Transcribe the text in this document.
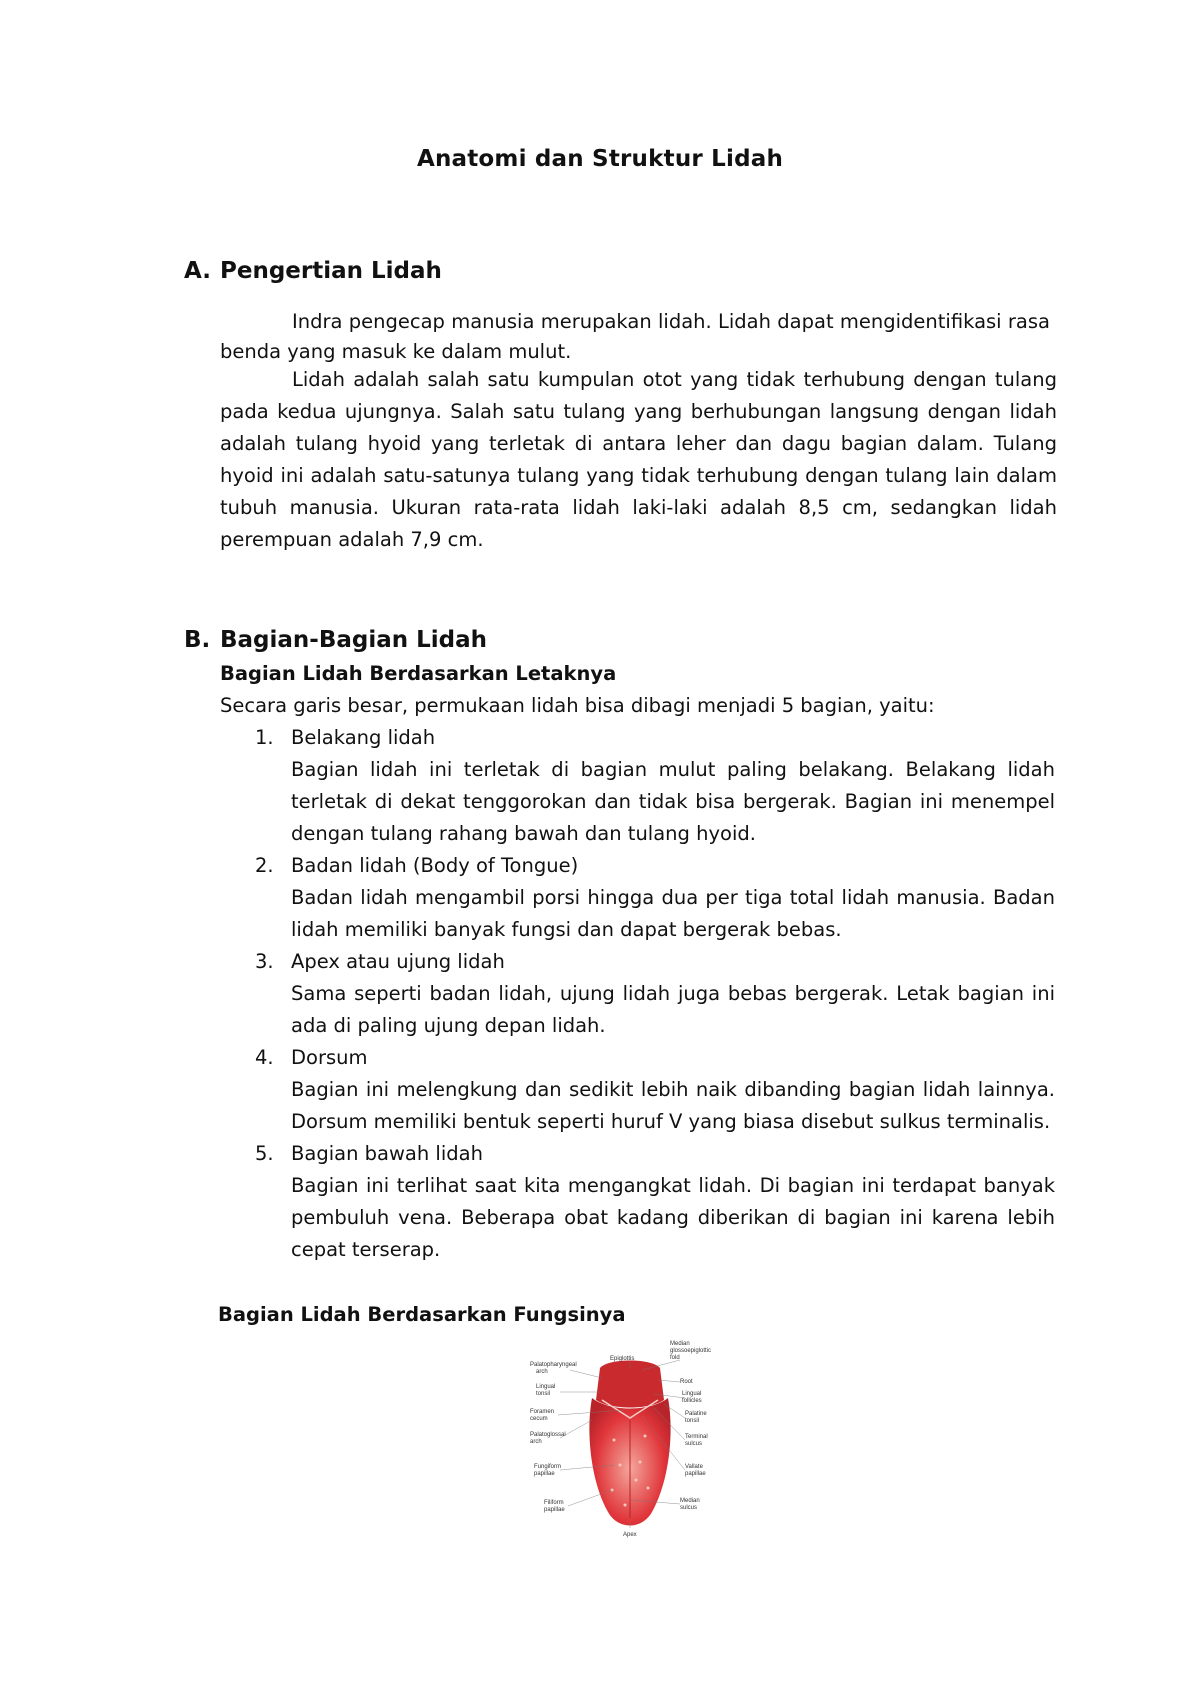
Anatomi dan Struktur Lidah
A. Pengertian Lidah

Indra pengecap manusia merupakan lidah. Lidah dapat mengidentifikasi rasa benda yang masuk ke dalam mulut.

Lidah adalah salah satu kumpulan otot yang tidak terhubung dengan tulang pada kedua ujungnya. Salah satu tulang yang berhubungan langsung dengan lidah adalah tulang hyoid yang terletak di antara leher dan dagu bagian dalam. Tulang hyoid ini adalah satu-satunya tulang yang tidak terhubung dengan tulang lain dalam tubuh manusia. Ukuran rata-rata lidah laki-laki adalah 8,5 cm, sedangkan lidah perempuan adalah 7,9 cm.

B. Bagian-Bagian Lidah
Bagian Lidah Berdasarkan Letaknya
Secara garis besar, permukaan lidah bisa dibagi menjadi 5 bagian, yaitu:
1. Belakang lidah
Bagian lidah ini terletak di bagian mulut paling belakang. Belakang lidah terletak di dekat tenggorokan dan tidak bisa bergerak. Bagian ini menempel dengan tulang rahang bawah dan tulang hyoid.
2. Badan lidah (Body of Tongue)
Badan lidah mengambil porsi hingga dua per tiga total lidah manusia. Badan lidah memiliki banyak fungsi dan dapat bergerak bebas.
3. Apex atau ujung lidah
Sama seperti badan lidah, ujung lidah juga bebas bergerak. Letak bagian ini ada di paling ujung depan lidah.
4. Dorsum
Bagian ini melengkung dan sedikit lebih naik dibanding bagian lidah lainnya. Dorsum memiliki bentuk seperti huruf V yang biasa disebut sulkus terminalis.
5. Bagian bawah lidah
Bagian ini terlihat saat kita mengangkat lidah. Di bagian ini terdapat banyak pembuluh vena. Beberapa obat kadang diberikan di bagian ini karena lebih cepat terserap.
Bagian Lidah Berdasarkan Fungsinya
Palatopharyngeal
arch
Epiglottis
Median
glossoepiglottic
fold
Lingual
tonsil
Root
Lingual
follicles
Foramen
cecum
Palatine
tonsil
Palatoglossal
arch
Terminal
sulcus
Fungiform
papillae
Vallate
papillae
Filiform
papillae
Median
sulcus
Apex
